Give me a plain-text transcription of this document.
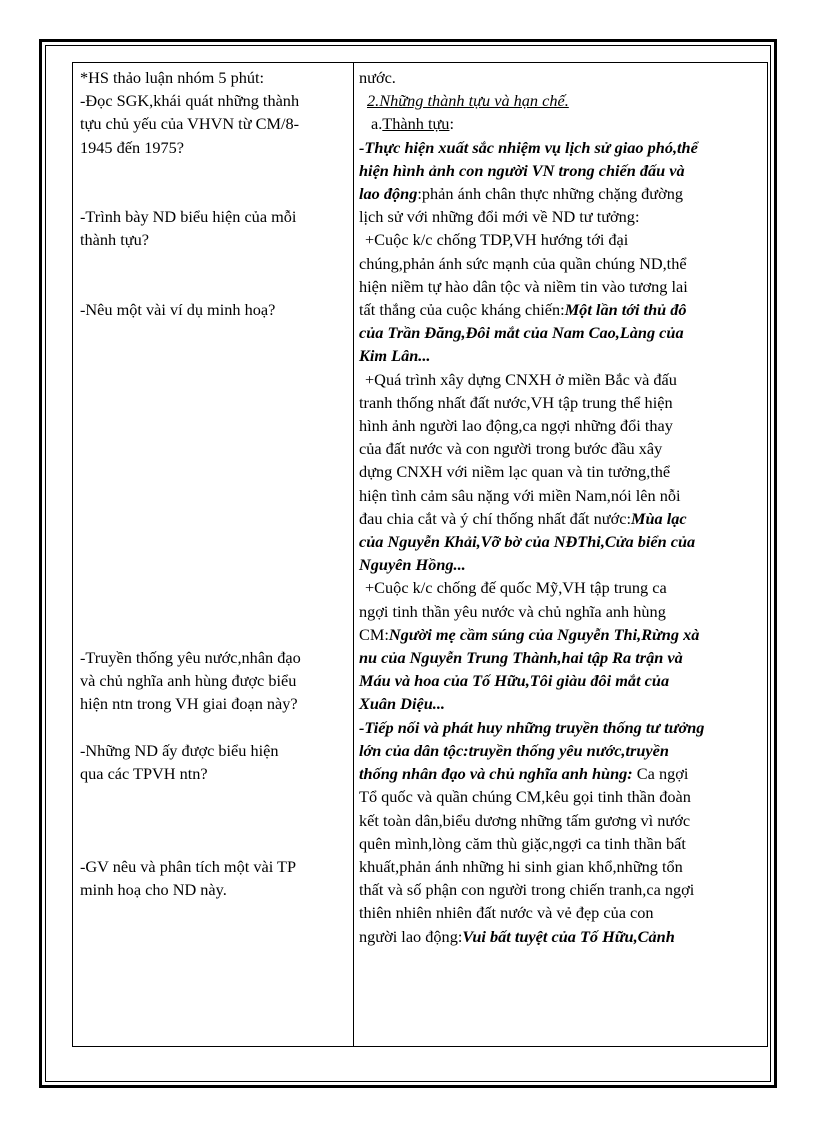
*HS thảo luận nhóm 5 phút:
-Đọc SGK,khái quát những thành
tựu chủ yếu của VHVN từ CM/8-
1945 đến 1975?
-Trình bày ND biểu hiện của mỗi
thành tựu?
-Nêu một vài ví dụ minh hoạ?
-Truyền thống yêu nước,nhân đạo
và chủ nghĩa anh hùng được biểu
hiện ntn trong VH giai đoạn này?
-Những ND ấy được biểu hiện
qua các TPVH ntn?
-GV nêu và phân tích một vài TP
minh hoạ cho ND này.
nước.
2.Những thành tựu và hạn chế.
a.Thành tựu:
-Thực hiện xuất sắc nhiệm vụ lịch sử giao phó,thể
hiện hình ảnh con người VN trong chiến đấu và
lao động:phản ánh chân thực những chặng đường
lịch sử với những đổi mới về ND tư tưởng:
+Cuộc k/c chống TDP,VH hướng tới đại
chúng,phản ánh sức mạnh của quần chúng ND,thể
hiện niềm tự hào dân tộc và niềm tin vào tương lai
tất thắng của cuộc kháng chiến:Một lần tới thủ đô
của Trần Đăng,Đôi mắt của Nam Cao,Làng của
Kim Lân...
+Quá trình xây dựng CNXH ở miền Bắc và đấu
tranh thống nhất đất nước,VH tập trung thể hiện
hình ảnh người lao động,ca ngợi những đổi thay
của đất nước và con người trong bước đầu xây
dựng CNXH với niềm lạc quan và tin tưởng,thể
hiện tình cảm sâu nặng với miền Nam,nói lên nỗi
đau chia cắt và ý chí thống nhất đất nước:Mùa lạc
của Nguyễn Khải,Vỡ bờ của NĐThi,Cửa biển của
Nguyên Hồng...
+Cuộc k/c chống đế quốc Mỹ,VH tập trung ca
ngợi tinh thần yêu nước và chủ nghĩa anh hùng
CM:Người mẹ cầm súng của Nguyễn Thi,Rừng xà
nu của Nguyễn Trung Thành,hai tập Ra trận và
Máu và hoa của Tố Hữu,Tôi giàu đôi mắt của
Xuân Diệu...
-Tiếp nối và phát huy những truyền thống tư tưởng
lớn của dân tộc:truyền thống yêu nước,truyền
thống nhân đạo và chủ nghĩa anh hùng: Ca ngợi
Tổ quốc và quần chúng CM,kêu gọi tinh thần đoàn
kết toàn dân,biểu dương những tấm gương vì nước
quên mình,lòng căm thù giặc,ngợi ca tinh thần bất
khuất,phản ánh những hi sinh gian khổ,những tổn
thất và số phận con người trong chiến tranh,ca ngợi
thiên nhiên nhiên đất nước và vẻ đẹp của con
người lao động:Vui bất tuyệt của Tố Hữu,Cảnh
